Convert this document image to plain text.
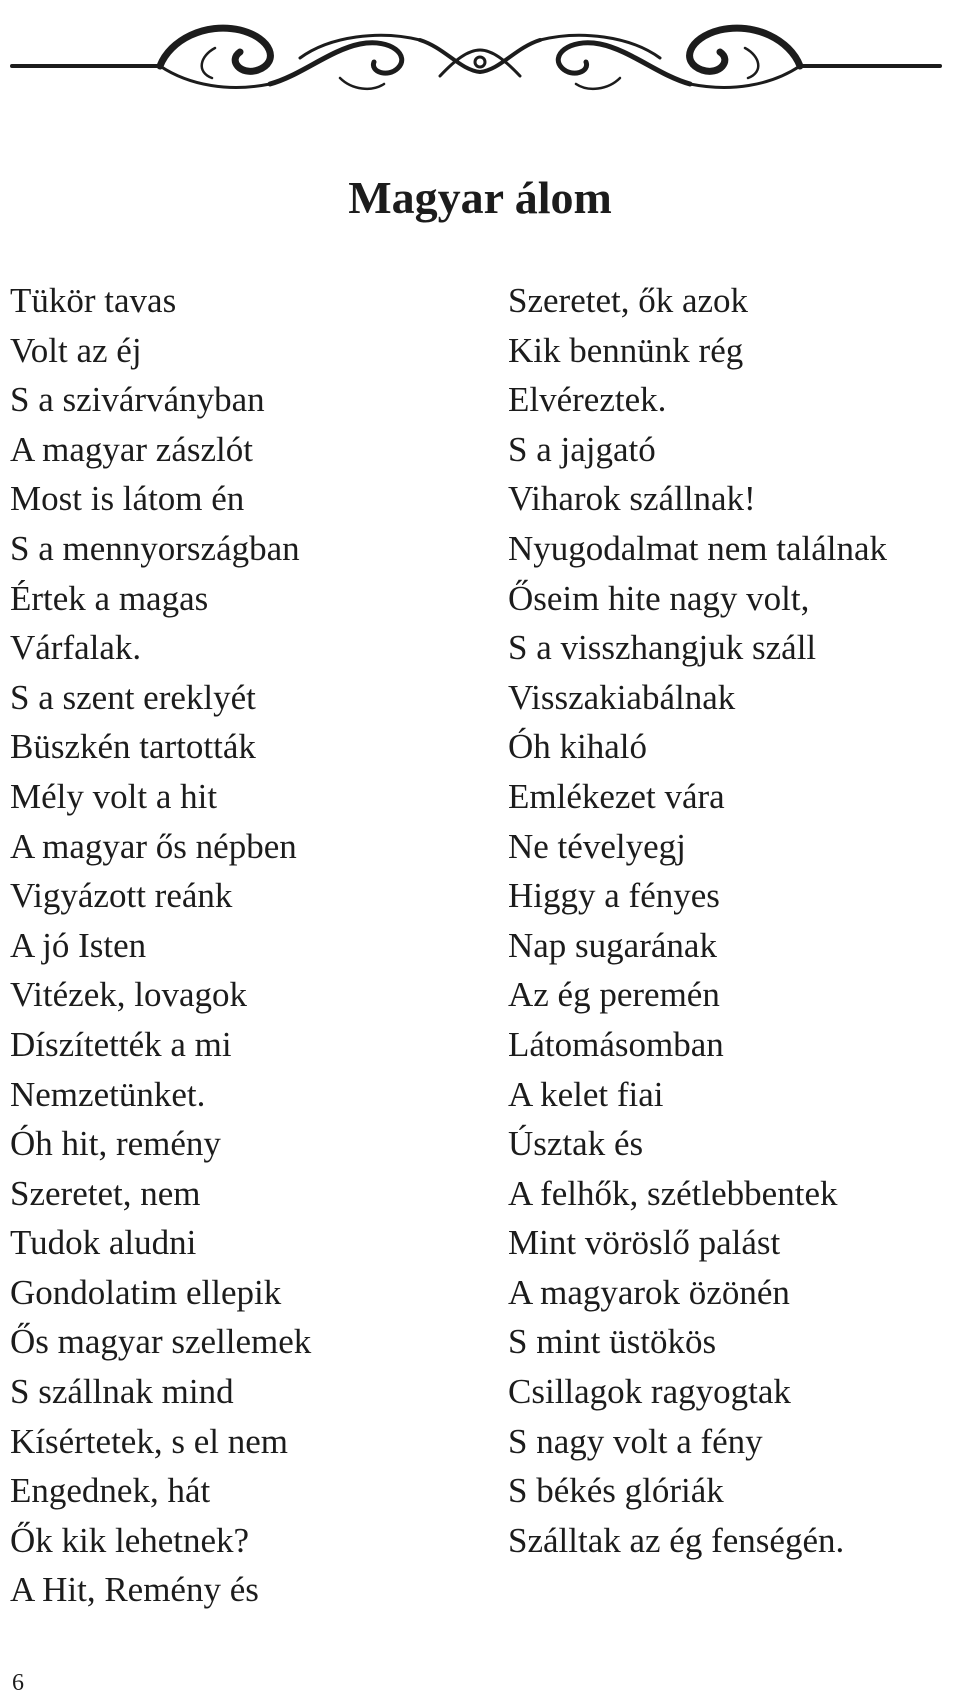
Magyar álom
Tükör tavas
Volt az éj
S a szivárványban
A magyar zászlót
Most is látom én
S a mennyországban
Értek a magas
Várfalak.
S a szent ereklyét
Büszkén tartották
Mély volt a hit
A magyar ős népben
Vigyázott reánk
A jó Isten
Vitézek, lovagok
Díszítették a mi
Nemzetünket.
Óh hit, remény
Szeretet, nem
Tudok aludni
Gondolatim ellepik
Ős magyar szellemek
S szállnak mind
Kísértetek, s el nem
Engednek, hát
Ők kik lehetnek?
A Hit, Remény és
Szeretet, ők azok
Kik bennünk rég
Elvéreztek.
S a jajgató
Viharok szállnak!
Nyugodalmat nem találnak
Őseim hite nagy volt,
S a visszhangjuk száll
Visszakiabálnak
Óh kihaló
Emlékezet vára
Ne tévelyegj
Higgy a fényes
Nap sugarának
Az ég peremén
Látomásomban
A kelet fiai
Úsztak és
A felhők, szétlebbentek
Mint vöröslő palást
A magyarok özönén
S mint üstökös
Csillagok ragyogtak
S nagy volt a fény
S békés glóriák
Szálltak az ég fenségén.
6
